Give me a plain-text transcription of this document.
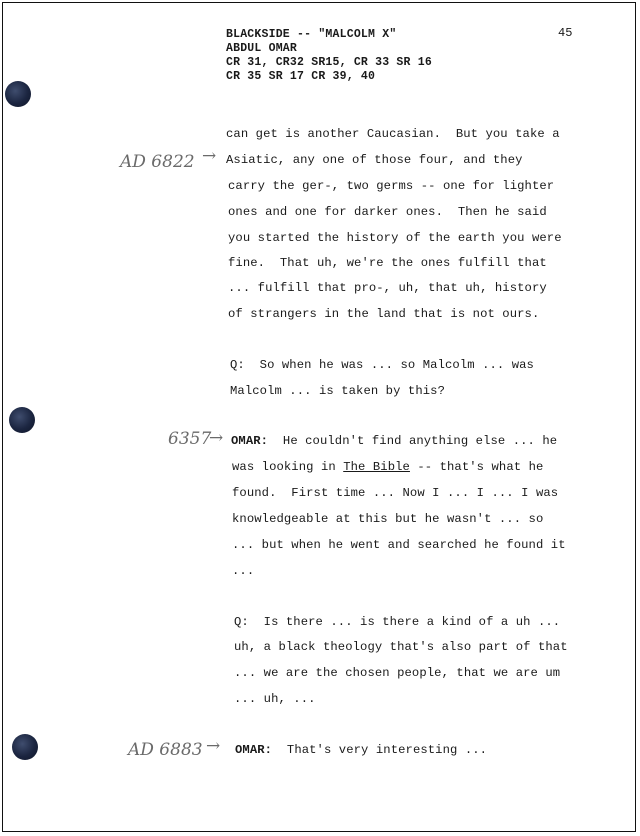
BLACKSIDE -- "MALCOLM X"
ABDUL OMAR
CR 31, CR32 SR15, CR 33 SR 16
CR 35 SR 17 CR 39, 40
45
AD 6822 →
6357
→
AD 6883 →
can get is another Caucasian.  But you take a
Asiatic, any one of those four, and they
carry the ger-, two germs -- one for lighter
ones and one for darker ones.  Then he said
you started the history of the earth you were
fine.  That uh, we're the ones fulfill that
... fulfill that pro-, uh, that uh, history
of strangers in the land that is not ours.
Q:  So when he was ... so Malcolm ... was
Malcolm ... is taken by this?
OMAR:  He couldn't find anything else ... he
was looking in The Bible -- that's what he
found.  First time ... Now I ... I ... I was
knowledgeable at this but he wasn't ... so
... but when he went and searched he found it
...
Q:  Is there ... is there a kind of a uh ...
uh, a black theology that's also part of that
... we are the chosen people, that we are um
... uh, ...
OMAR:  That's very interesting ...
